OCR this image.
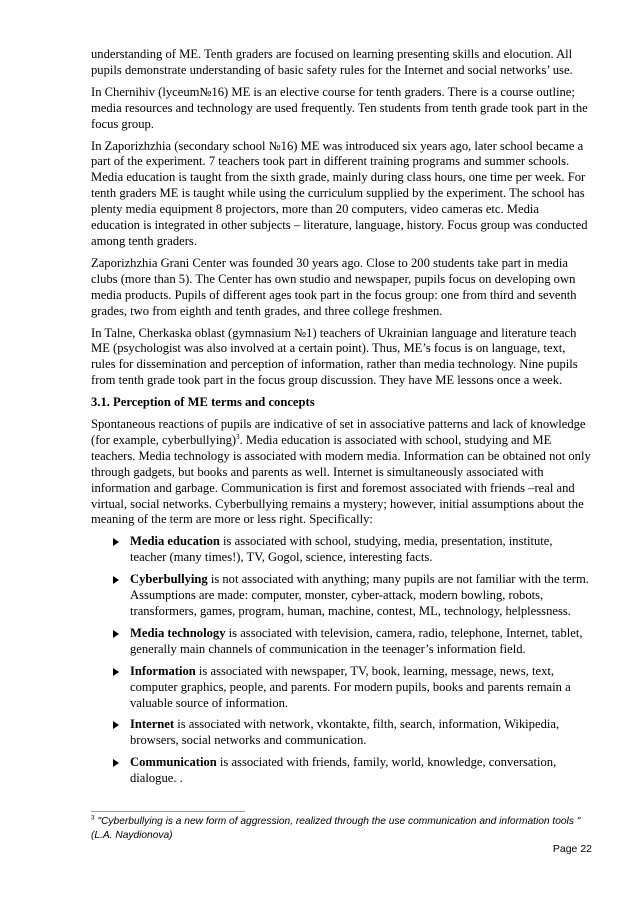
understanding of ME. Tenth graders are focused on learning presenting skills and elocution. All pupils demonstrate understanding of basic safety rules for the Internet and social networks’ use.

In Chernihiv (lyceum№16) ME is an elective course for tenth graders. There is a course outline; media resources and technology are used frequently. Ten students from tenth grade took part in the focus group.

In Zaporizhzhia (secondary school №16) ME was introduced six years ago, later school became a part of the experiment. 7 teachers took part in different training programs and summer schools. Media education is taught from the sixth grade, mainly during class hours, one time per week. For tenth graders ME is taught while using the curriculum supplied by the experiment. The school has plenty media equipment 8 projectors, more than 20 computers, video cameras etc. Media education is integrated in other subjects – literature, language, history. Focus group was conducted among tenth graders.

Zaporizhzhia Grani Center was founded 30 years ago. Close to 200 students take part in media clubs (more than 5). The Center has own studio and newspaper, pupils focus on developing own media products. Pupils of different ages took part in the focus group: one from third and seventh grades, two from eighth and tenth grades, and three college freshmen.

In Talne, Cherkaska oblast (gymnasium №1) teachers of Ukrainian language and literature teach ME (psychologist was also involved at a certain point). Thus, ME’s focus is on language, text, rules for dissemination and perception of information, rather than media technology. Nine pupils from tenth grade took part in the focus group discussion. They have ME lessons once a week.

3.1. Perception of ME terms and concepts

Spontaneous reactions of pupils are indicative of set in associative patterns and lack of knowledge (for example, cyberbullying)$^3$. Media education is associated with school, studying and ME teachers. Media technology is associated with modern media. Information can be obtained not only through gadgets, but books and parents as well. Internet is simultaneously associated with information and garbage. Communication is first and foremost associated with friends –real and virtual, social networks. Cyberbullying remains a mystery; however, initial assumptions about the meaning of the term are more or less right. Specifically:

Media education is associated with school, studying, media, presentation, institute, teacher (many times!), TV, Gogol, science, interesting facts.
Cyberbullying is not associated with anything; many pupils are not familiar with the term. Assumptions are made: computer, monster, cyber-attack, modern bowling, robots, transformers, games, program, human, machine, contest, ML, technology, helplessness.
Media technology is associated with television, camera, radio, telephone, Internet, tablet, generally main channels of communication in the teenager’s information field.
Information is associated with newspaper, TV, book, learning, message, news, text, computer graphics, people, and parents. For modern pupils, books and parents remain a valuable source of information.
Internet is associated with network, vkontakte, filth, search, information, Wikipedia, browsers, social networks and communication.
Communication is associated with friends, family, world, knowledge, conversation, dialogue. .
$^3$ "Cyberbullying is a new form of aggression, realized through the use communication and information tools "(L.A. Naydionova)
Page 22
